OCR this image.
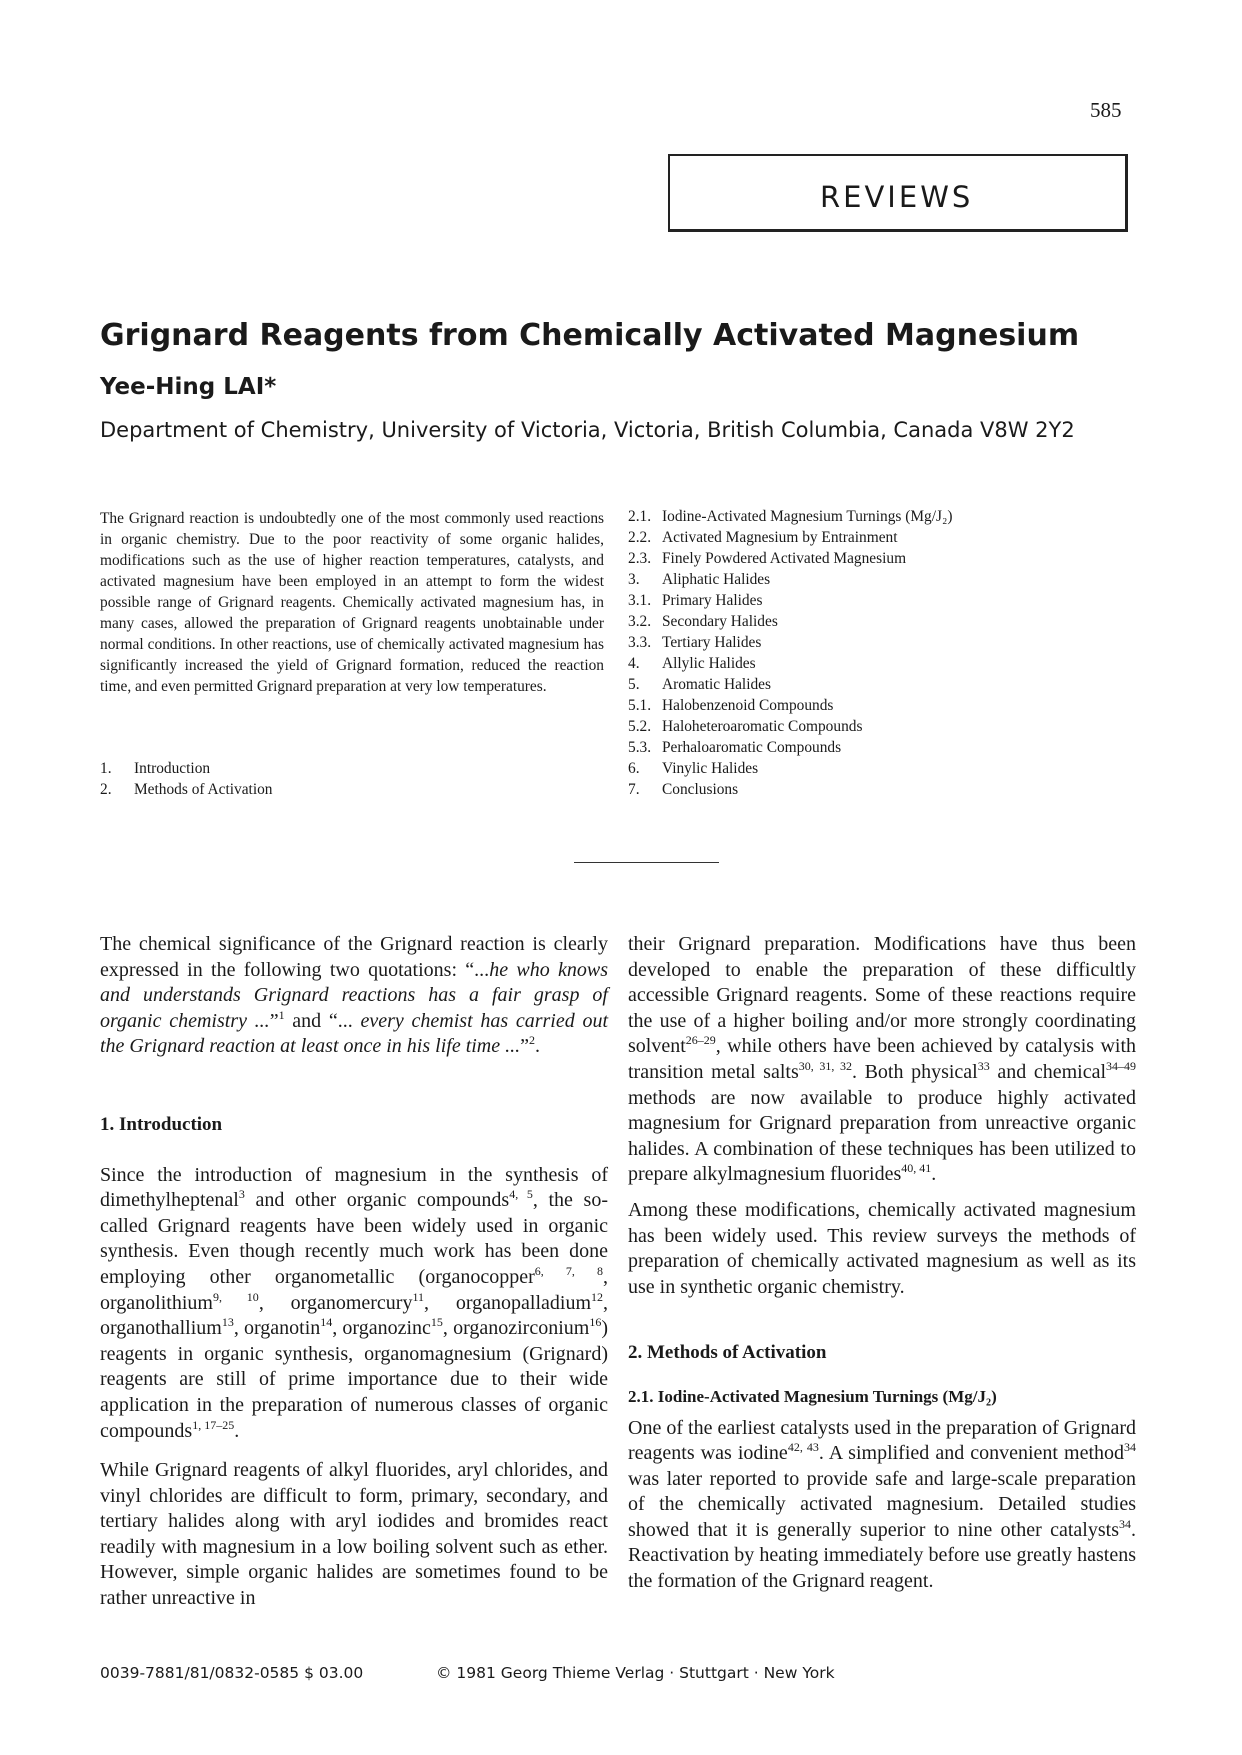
585
REVIEWS
Grignard Reagents from Chemically Activated Magnesium
Yee-Hing LAI*
Department of Chemistry, University of Victoria, Victoria, British Columbia, Canada V8W 2Y2

The Grignard reaction is undoubtedly one of the most commonly used reactions in organic chemistry. Due to the poor reactivity of some organic halides, modifications such as the use of higher reaction temperatures, catalysts, and activated magnesium have been employed in an attempt to form the widest possible range of Grignard reagents. Chemically activated magnesium has, in many cases, allowed the preparation of Grignard reagents unobtainable under normal conditions. In other reactions, use of chemically activated magnesium has significantly increased the yield of Grignard formation, reduced the reaction time, and even permitted Grignard preparation at very low temperatures.

1. Introduction
2. Methods of Activation
2.1. Iodine-Activated Magnesium Turnings (Mg/J₂)
2.2. Activated Magnesium by Entrainment
2.3. Finely Powdered Activated Magnesium
3. Aliphatic Halides
3.1. Primary Halides
3.2. Secondary Halides
3.3. Tertiary Halides
4. Allylic Halides
5. Aromatic Halides
5.1. Halobenzenoid Compounds
5.2. Haloheteroaromatic Compounds
5.3. Perhaloaromatic Compounds
6. Vinylic Halides
7. Conclusions

The chemical significance of the Grignard reaction is clearly expressed in the following two quotations: “...he who knows and understands Grignard reactions has a fair grasp of organic chemistry ...”$^1$ and “... every chemist has carried out the Grignard reaction at least once in his life time ...”$^2$.

1. Introduction

Since the introduction of magnesium in the synthesis of dimethylheptenal$^3$ and other organic compounds$^{4, 5}$, the so-called Grignard reagents have been widely used in organic synthesis. Even though recently much work has been done employing other organometallic (organocopper$^{6, 7, 8}$, organolithium$^{9, 10}$, organomercury$^{11}$, organopalladium$^{12}$, organothallium$^{13}$, organotin$^{14}$, organozinc$^{15}$, organozirconium$^{16}$) reagents in organic synthesis, organomagnesium (Grignard) reagents are still of prime importance due to their wide application in the preparation of numerous classes of organic compounds$^{1, 17-25}$.

While Grignard reagents of alkyl fluorides, aryl chlorides, and vinyl chlorides are difficult to form, primary, secondary, and tertiary halides along with aryl iodides and bromides react readily with magnesium in a low boiling solvent such as ether. However, simple organic halides are sometimes found to be rather unreactive in

their Grignard preparation. Modifications have thus been developed to enable the preparation of these difficultly accessible Grignard reagents. Some of these reactions require the use of a higher boiling and/or more strongly coordinating solvent$^{26-29}$, while others have been achieved by catalysis with transition metal salts$^{30, 31, 32}$. Both physical$^{33}$ and chemical$^{34-49}$ methods are now available to produce highly activated magnesium for Grignard preparation from unreactive organic halides. A combination of these techniques has been utilized to prepare alkylmagnesium fluorides$^{40, 41}$.

Among these modifications, chemically activated magnesium has been widely used. This review surveys the methods of preparation of chemically activated magnesium as well as its use in synthetic organic chemistry.

2. Methods of Activation

2.1. Iodine-Activated Magnesium Turnings (Mg/J₂)

One of the earliest catalysts used in the preparation of Grignard reagents was iodine$^{42, 43}$. A simplified and convenient method$^{34}$ was later reported to provide safe and large-scale preparation of the chemically activated magnesium. Detailed studies showed that it is generally superior to nine other catalysts$^{34}$. Reactivation by heating immediately before use greatly hastens the formation of the Grignard reagent.

0039-7881/81/0832-0585 $ 03.00	© 1981 Georg Thieme Verlag · Stuttgart · New York
